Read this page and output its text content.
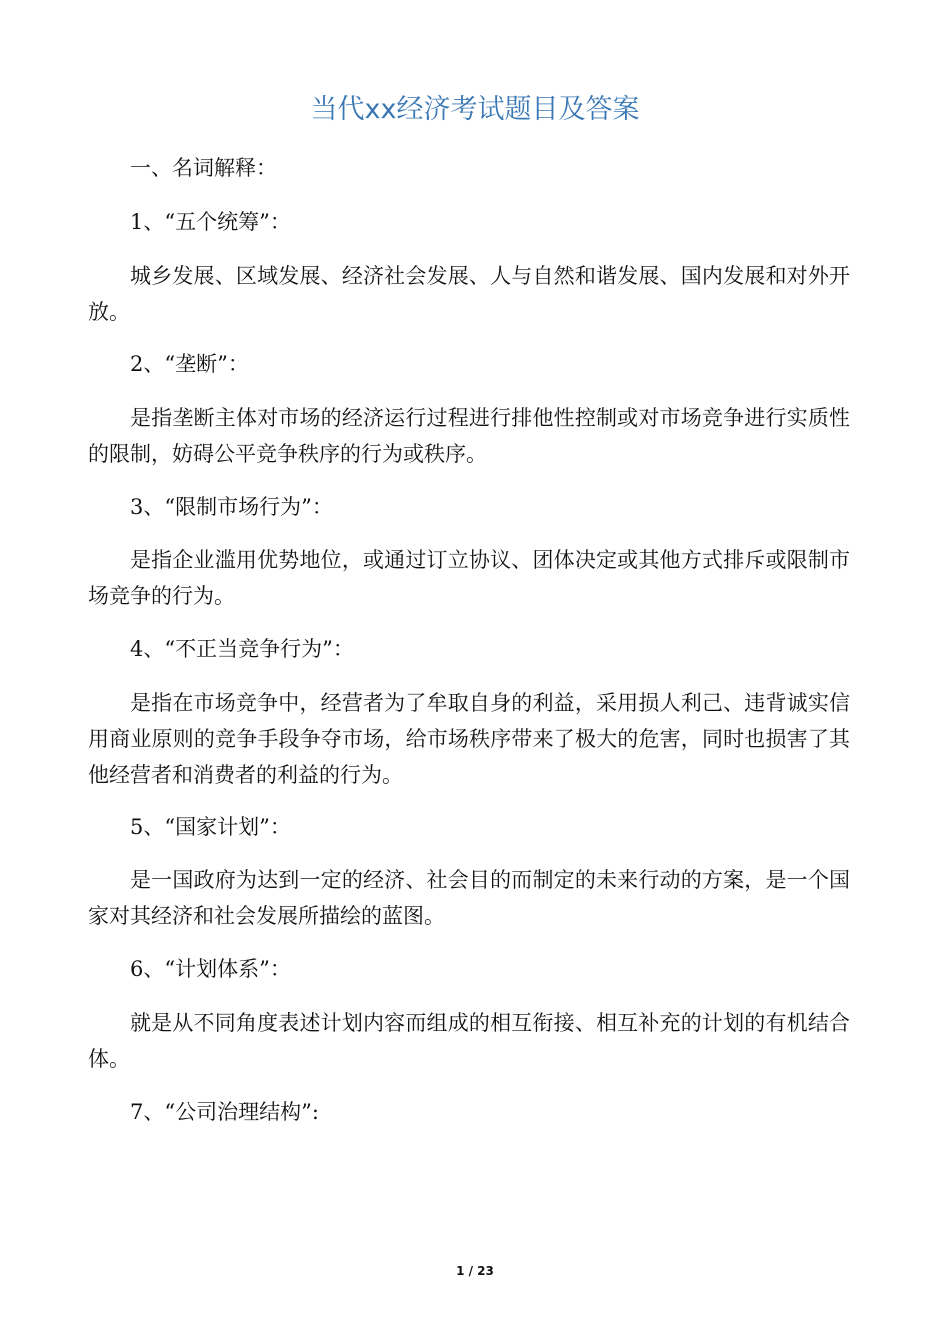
当代xx经济考试题目及答案

一、名词解释：

1、“五个统筹”：

城乡发展、区域发展、经济社会发展、人与自然和谐发展、国内发展和对外开放。

2、“垄断”：

是指垄断主体对市场的经济运行过程进行排他性控制或对市场竞争进行实质性的限制，妨碍公平竞争秩序的行为或秩序。

3、“限制市场行为”：

是指企业滥用优势地位，或通过订立协议、团体决定或其他方式排斥或限制市场竞争的行为。

4、“不正当竞争行为”：

是指在市场竞争中，经营者为了牟取自身的利益，采用损人利己、违背诚实信用商业原则的竞争手段争夺市场，给市场秩序带来了极大的危害，同时也损害了其他经营者和消费者的利益的行为。

5、“国家计划”：

是一国政府为达到一定的经济、社会目的而制定的未来行动的方案，是一个国家对其经济和社会发展所描绘的蓝图。

6、“计划体系”：

就是从不同角度表述计划内容而组成的相互衔接、相互补充的计划的有机结合体。

7、“公司治理结构”:

1 / 23
